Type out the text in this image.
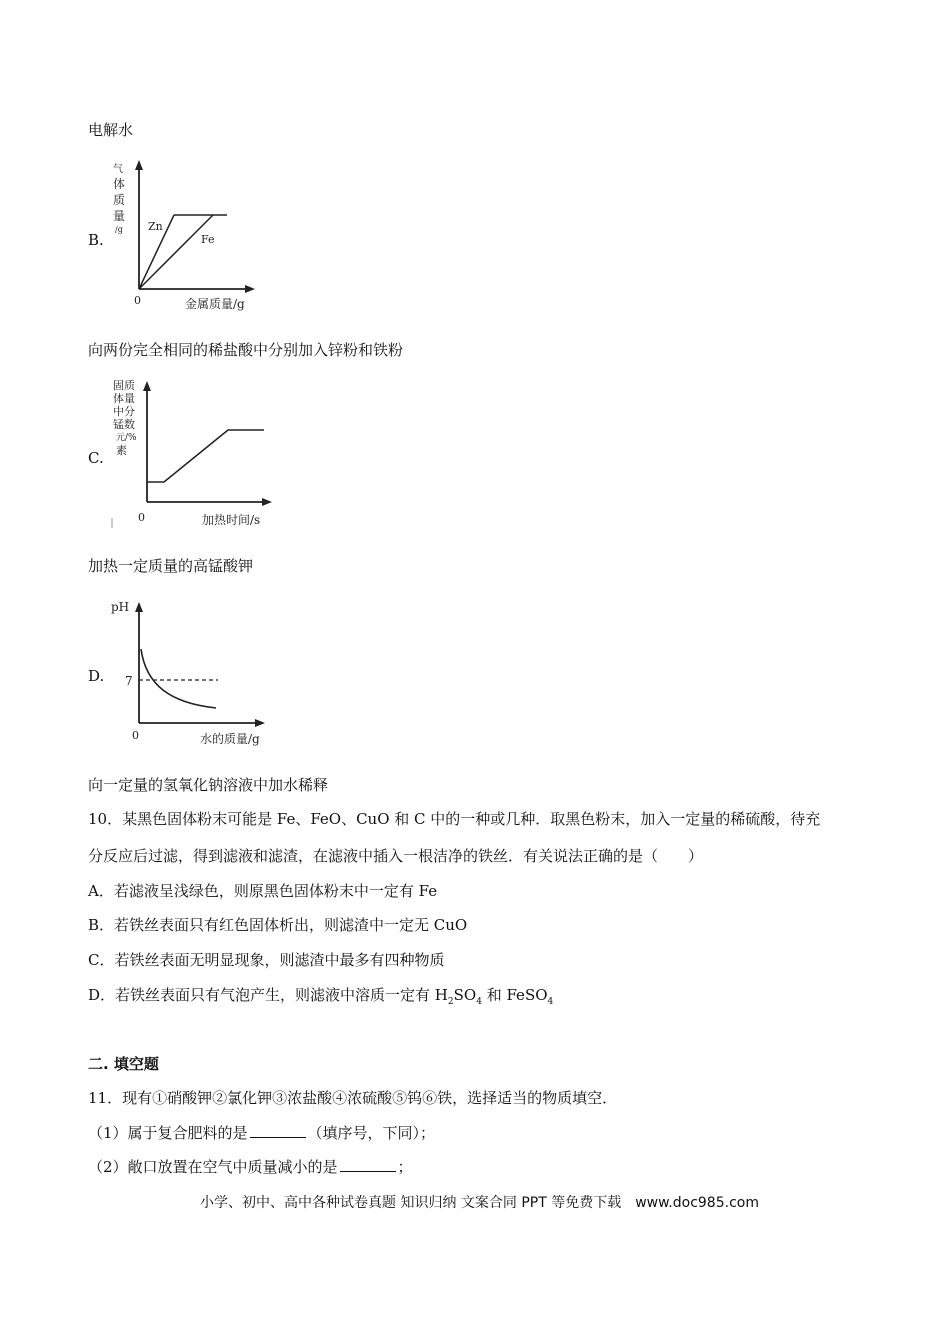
电解水
B.
气
体
质
量
/g Zn
Fe
0	金属质量/g
向两份完全相同的稀盐酸中分别加入锌粉和铁粉
C.
固质
体量
中分
锰数
元/%
素
0	加热时间/s
加热一定质量的高锰酸钾
D.
pH
7
0	水的质量/g
向一定量的氢氧化钠溶液中加水稀释
10．某黑色固体粉末可能是 Fe、FeO、CuO 和 C 中的一种或几种．取黑色粉末，加入一定量的稀硫酸，待充
分反应后过滤，得到滤液和滤渣，在滤液中插入一根洁净的铁丝．有关说法正确的是（　　）
A．若滤液呈浅绿色，则原黑色固体粉末中一定有 Fe
B．若铁丝表面只有红色固体析出，则滤渣中一定无 CuO
C．若铁丝表面无明显现象，则滤渣中最多有四种物质
D．若铁丝表面只有气泡产生，则滤液中溶质一定有 $H_2SO_4$ 和 FeSO$_4$
二. 填空题
11．现有①硝酸钾②氯化钾③浓盐酸④浓硫酸⑤钨⑥铁，选择适当的物质填空．
（1）属于复合肥料的是	（填序号，下同）；
（2）敞口放置在空气中质量减小的是	；
小学、初中、高中各种试卷真题 知识归纳 文案合同 PPT 等免费下载　www.doc985.com
